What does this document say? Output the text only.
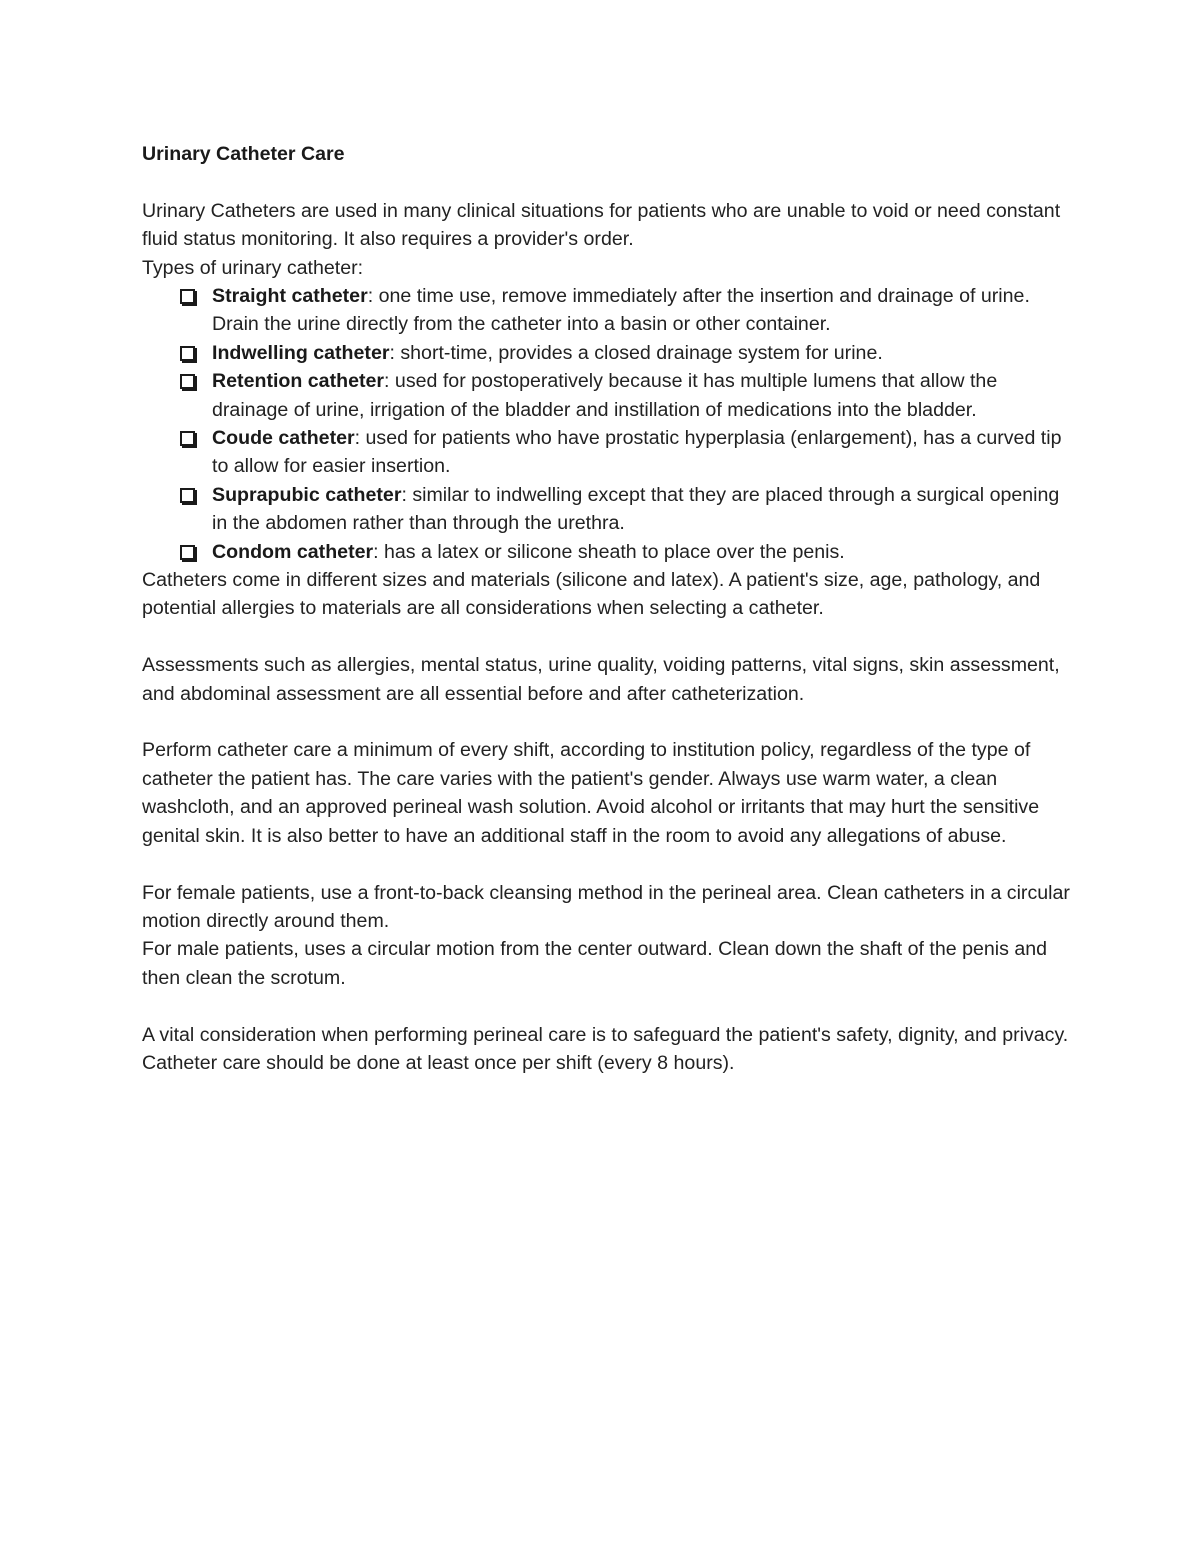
Urinary Catheter Care

Urinary Catheters are used in many clinical situations for patients who are unable to void or need constant fluid status monitoring. It also requires a provider's order.

Types of urinary catheter:

Straight catheter: one time use, remove immediately after the insertion and drainage of urine. Drain the urine directly from the catheter into a basin or other container.
Indwelling catheter: short-time, provides a closed drainage system for urine.
Retention catheter: used for postoperatively because it has multiple lumens that allow the drainage of urine, irrigation of the bladder and instillation of medications into the bladder.
Coude catheter: used for patients who have prostatic hyperplasia (enlargement), has a curved tip to allow for easier insertion.
Suprapubic catheter: similar to indwelling except that they are placed through a surgical opening in the abdomen rather than through the urethra.
Condom catheter: has a latex or silicone sheath to place over the penis.

Catheters come in different sizes and materials (silicone and latex). A patient's size, age, pathology, and potential allergies to materials are all considerations when selecting a catheter.

Assessments such as allergies, mental status, urine quality, voiding patterns, vital signs, skin assessment, and abdominal assessment are all essential before and after catheterization.

Perform catheter care a minimum of every shift, according to institution policy, regardless of the type of catheter the patient has. The care varies with the patient's gender. Always use warm water, a clean washcloth, and an approved perineal wash solution. Avoid alcohol or irritants that may hurt the sensitive genital skin. It is also better to have an additional staff in the room to avoid any allegations of abuse.

For female patients, use a front-to-back cleansing method in the perineal area. Clean catheters in a circular motion directly around them.

For male patients, uses a circular motion from the center outward. Clean down the shaft of the penis and then clean the scrotum.

A vital consideration when performing perineal care is to safeguard the patient's safety, dignity, and privacy. Catheter care should be done at least once per shift (every 8 hours).
